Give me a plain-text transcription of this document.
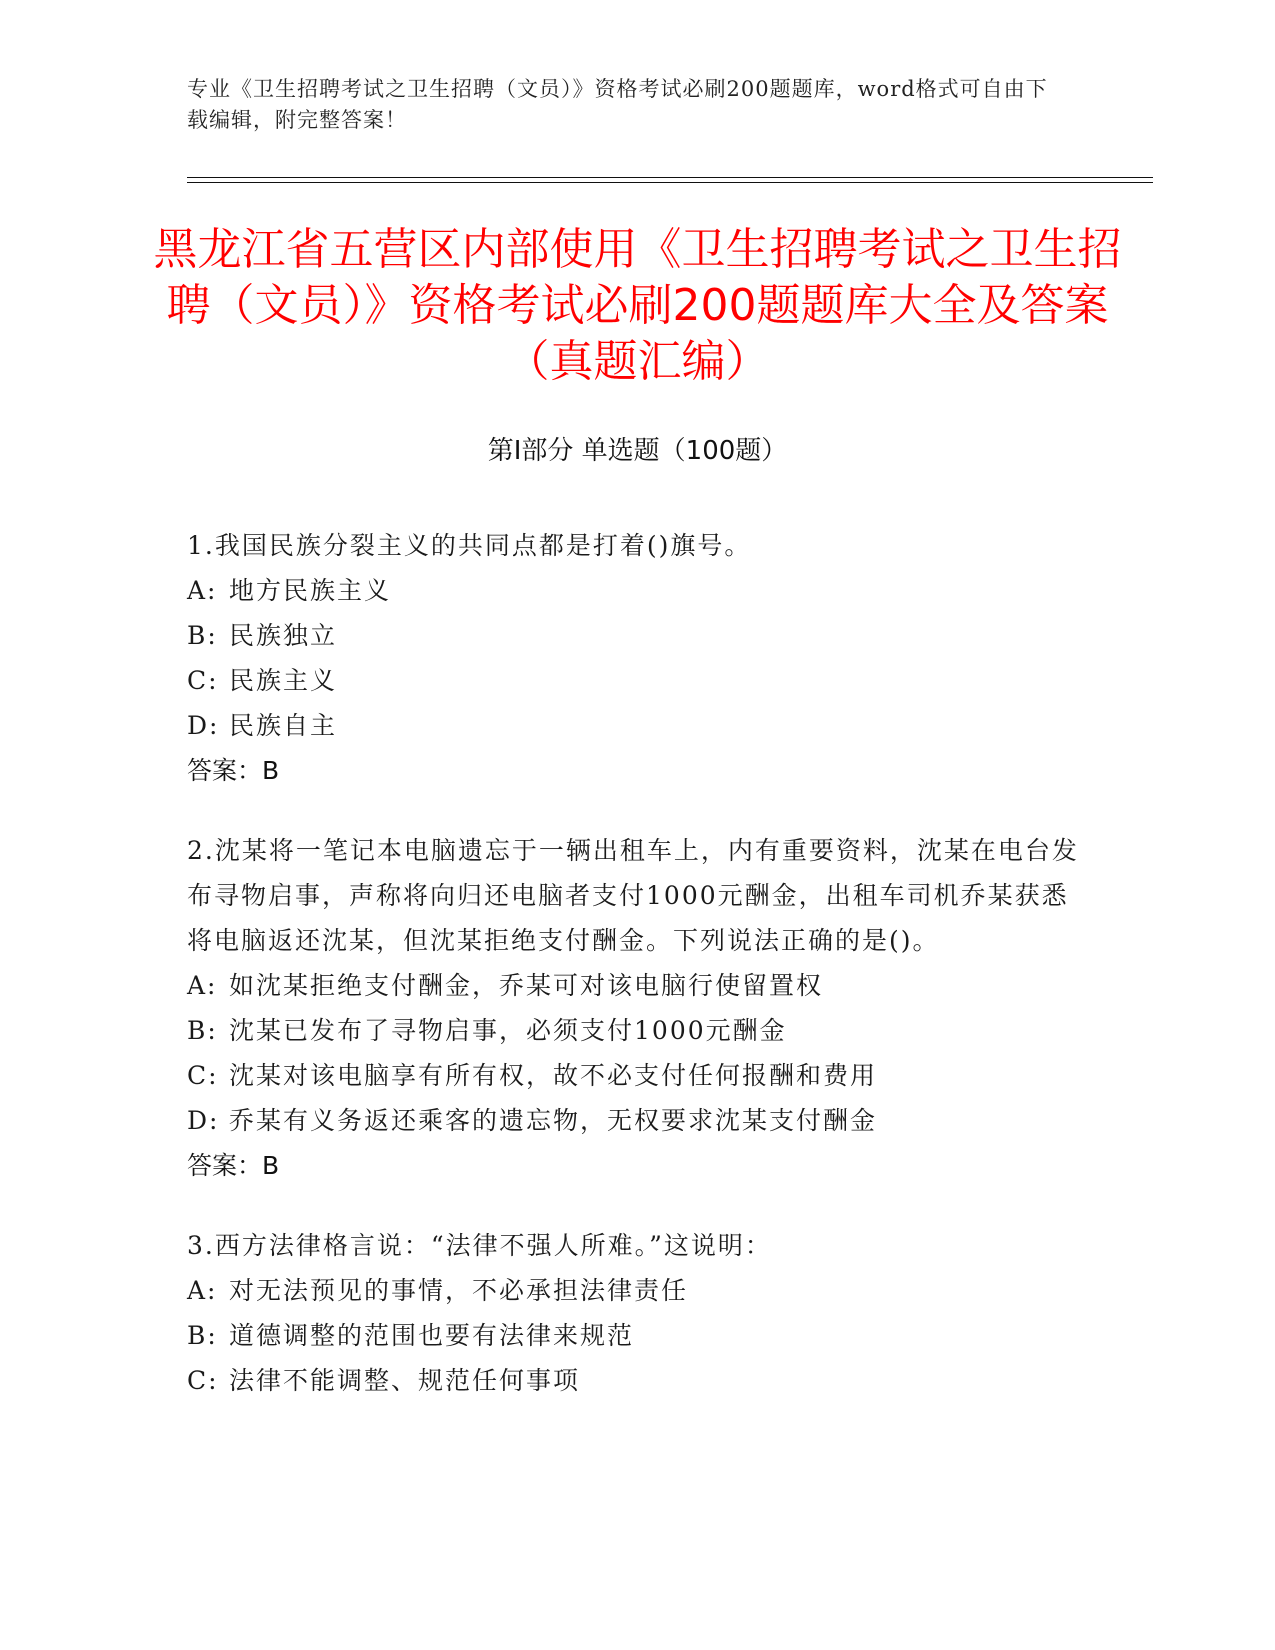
专业《卫生招聘考试之卫生招聘（文员）》资格考试必刷200题题库，word格式可自由下载编辑，附完整答案！
黑龙江省五营区内部使用《卫生招聘考试之卫生招聘（文员）》资格考试必刷200题题库大全及答案（真题汇编）
第Ⅰ部分 单选题（100题）
1.我国民族分裂主义的共同点都是打着()旗号。
A: 地方民族主义
B: 民族独立
C: 民族主义
D: 民族自主
答案：B
2.沈某将一笔记本电脑遗忘于一辆出租车上，内有重要资料，沈某在电台发布寻物启事，声称将向归还电脑者支付1000元酬金，出租车司机乔某获悉将电脑返还沈某，但沈某拒绝支付酬金。下列说法正确的是()。
A: 如沈某拒绝支付酬金，乔某可对该电脑行使留置权
B: 沈某已发布了寻物启事，必须支付1000元酬金
C: 沈某对该电脑享有所有权，故不必支付任何报酬和费用
D: 乔某有义务返还乘客的遗忘物，无权要求沈某支付酬金
答案：B
3.西方法律格言说：“法律不强人所难。”这说明：
A: 对无法预见的事情，不必承担法律责任
B: 道德调整的范围也要有法律来规范
C: 法律不能调整、规范任何事项
